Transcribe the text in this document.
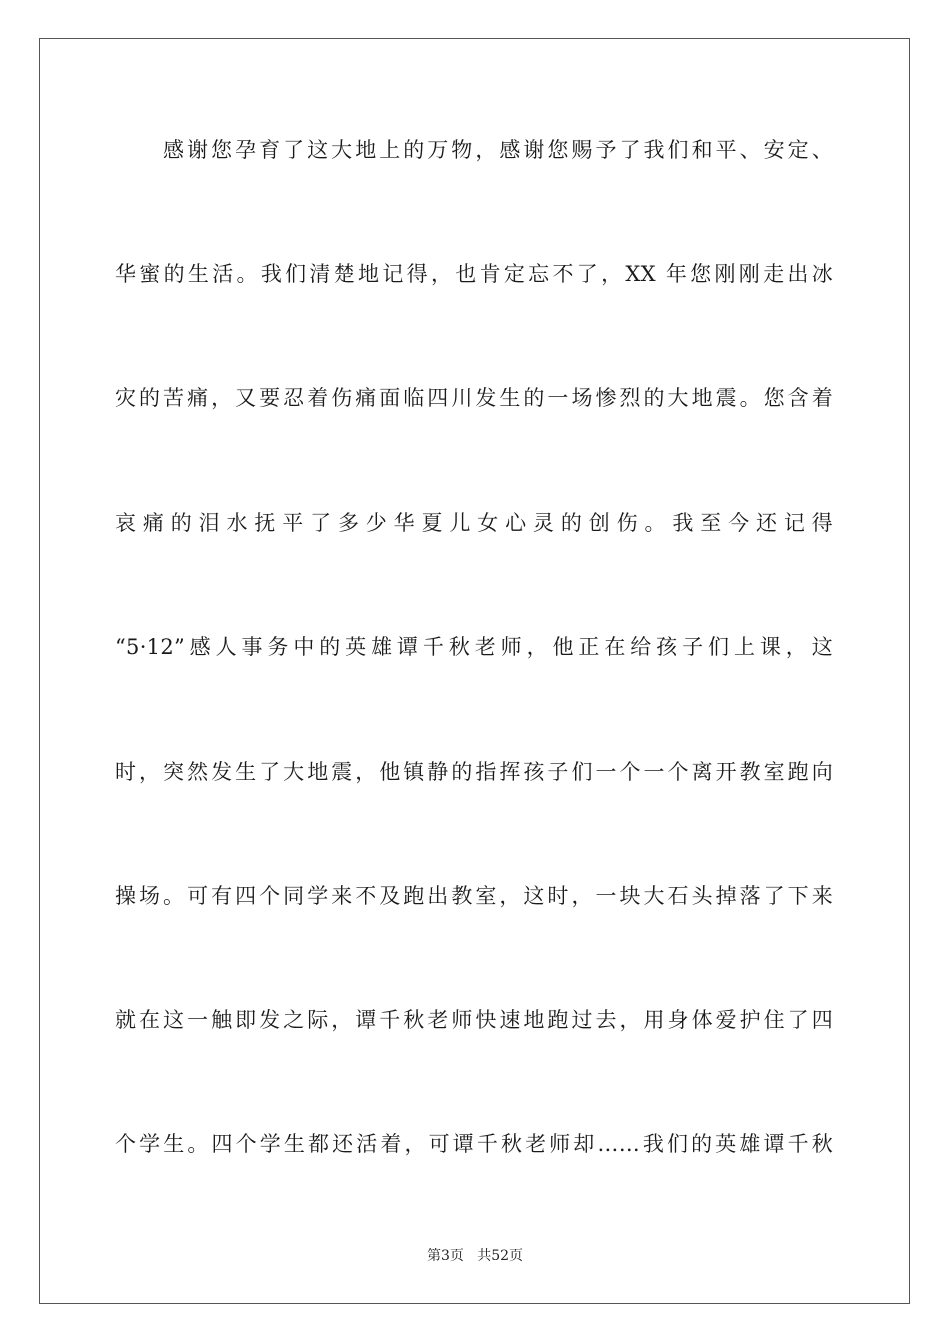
感谢您孕育了这大地上的万物，感谢您赐予了我们和平、安定、
华蜜的生活。我们清楚地记得，也肯定忘不了，XX 年您刚刚走出冰
灾的苦痛，又要忍着伤痛面临四川发生的一场惨烈的大地震。您含着
哀痛的泪水抚平了多少华夏儿女心灵的创伤。我至今还记得
“5·12”感人事务中的英雄谭千秋老师，他正在给孩子们上课，这
时，突然发生了大地震，他镇静的指挥孩子们一个一个离开教室跑向
操场。可有四个同学来不及跑出教室，这时，一块大石头掉落了下来
就在这一触即发之际，谭千秋老师快速地跑过去，用身体爱护住了四
个学生。四个学生都还活着，可谭千秋老师却……我们的英雄谭千秋
第3页 共52页
